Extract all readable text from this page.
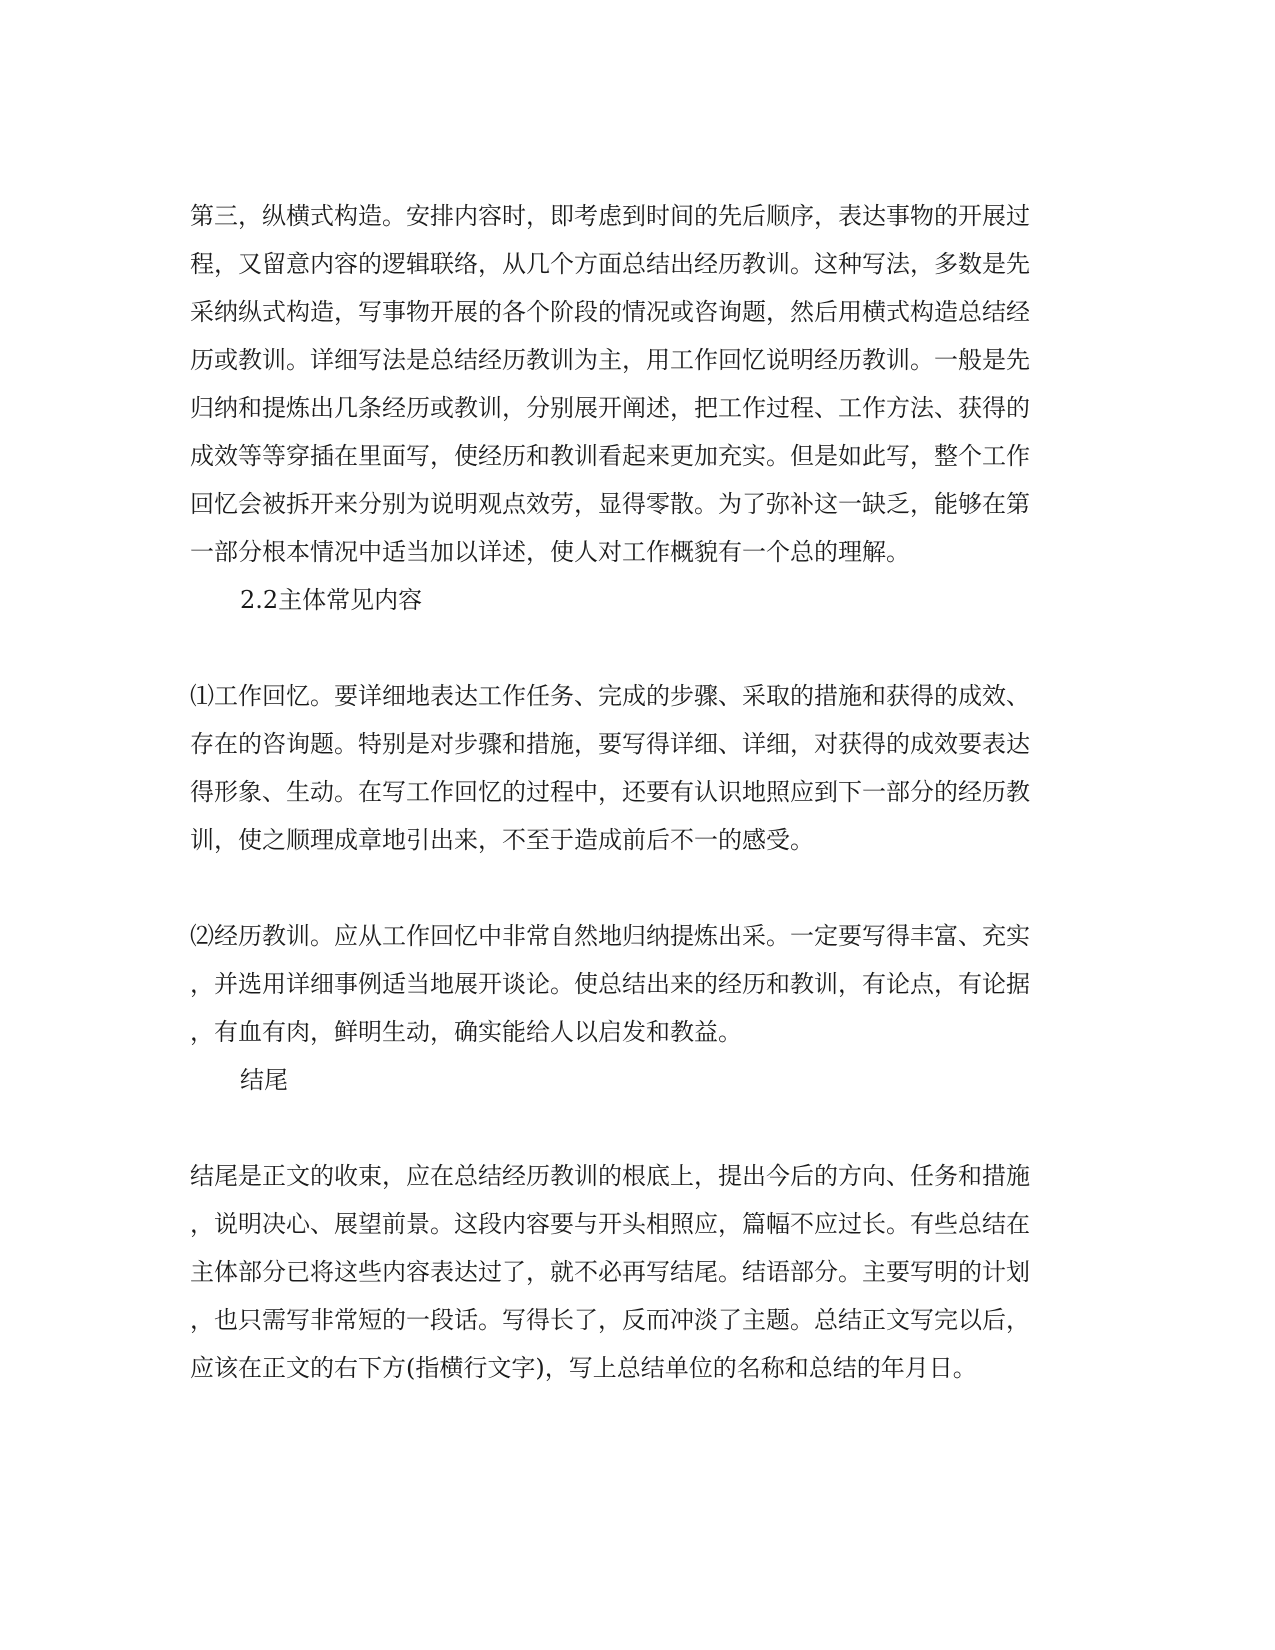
第三，纵横式构造。安排内容时，即考虑到时间的先后顺序，表达事物的开展过
程，又留意内容的逻辑联络，从几个方面总结出经历教训。这种写法，多数是先
采纳纵式构造，写事物开展的各个阶段的情况或咨询题，然后用横式构造总结经
历或教训。详细写法是总结经历教训为主，用工作回忆说明经历教训。一般是先
归纳和提炼出几条经历或教训，分别展开阐述，把工作过程、工作方法、获得的
成效等等穿插在里面写，使经历和教训看起来更加充实。但是如此写，整个工作
回忆会被拆开来分别为说明观点效劳，显得零散。为了弥补这一缺乏，能够在第
一部分根本情况中适当加以详述，使人对工作概貌有一个总的理解。
2.2主体常见内容
⑴工作回忆。要详细地表达工作任务、完成的步骤、采取的措施和获得的成效、
存在的咨询题。特别是对步骤和措施，要写得详细、详细，对获得的成效要表达
得形象、生动。在写工作回忆的过程中，还要有认识地照应到下一部分的经历教
训，使之顺理成章地引出来，不至于造成前后不一的感受。
⑵经历教训。应从工作回忆中非常自然地归纳提炼出采。一定要写得丰富、充实
，并选用详细事例适当地展开谈论。使总结出来的经历和教训，有论点，有论据
，有血有肉，鲜明生动，确实能给人以启发和教益。
结尾
结尾是正文的收束，应在总结经历教训的根底上，提出今后的方向、任务和措施
，说明决心、展望前景。这段内容要与开头相照应，篇幅不应过长。有些总结在
主体部分已将这些内容表达过了，就不必再写结尾。结语部分。主要写明的计划
，也只需写非常短的一段话。写得长了，反而冲淡了主题。总结正文写完以后，
应该在正文的右下方(指横行文字)，写上总结单位的名称和总结的年月日。
